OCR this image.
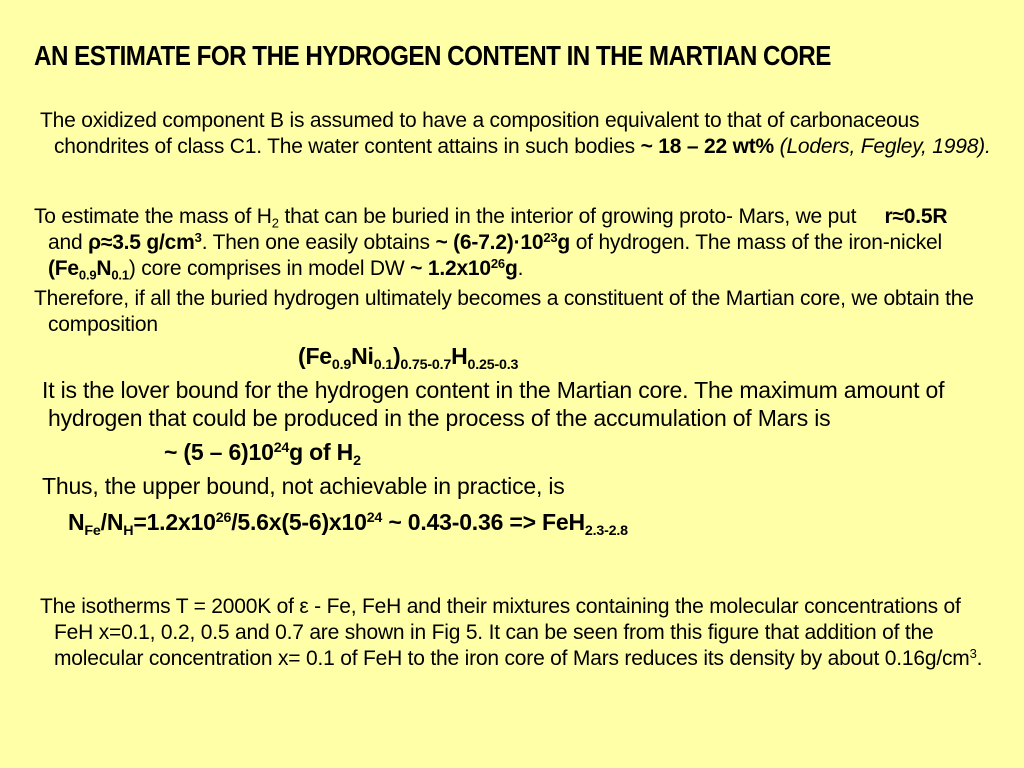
AN ESTIMATE FOR THE HYDROGEN CONTENT IN THE MARTIAN CORE
The oxidized component B is assumed to have a composition equivalent to that of carbonaceous
chondrites of class C1. The water content attains in such bodies ~ 18 – 22 wt% (Loders, Fegley, 1998).
To estimate the mass of $H_2$ that can be buried in the interior of growing proto- Mars, we put r≈0.5R
and ρ≈3.5 $g/cm^3$. Then one easily obtains ~ $(6-7.2)\cdot 10^{23}g$ of hydrogen. The mass of the iron-nickel
$(Fe_{0.9}N_{0.1})$ core comprises in model DW ~ $1.2x10^{26}g$.
Therefore, if all the buried hydrogen ultimately becomes a constituent of the Martian core, we obtain the
composition
$(Fe_{0.9}Ni_{0.1})_{0.75-0.7}H_{0.25-0.3}$
It is the lover bound for the hydrogen content in the Martian core. The maximum amount of
hydrogen that could be produced in the process of the accumulation of Mars is
~ $(5 - 6)10^{24}g$ of $H_2$
Thus, the upper bound, not achievable in practice, is
$N_{Fe}/N_H=1.2x10^{26}/5.6x(5-6)x10^{24}$ ~ 0.43-0.36 => FeH$_{2.3-2.8}$
The isotherms T = 2000K of ε - Fe, FeH and their mixtures containing the molecular concentrations of
FeH x=0.1, 0.2, 0.5 and 0.7 are shown in Fig 5. It can be seen from this figure that addition of the
molecular concentration x= 0.1 of FeH to the iron core of Mars reduces its density by about $0.16g/cm^3$.
